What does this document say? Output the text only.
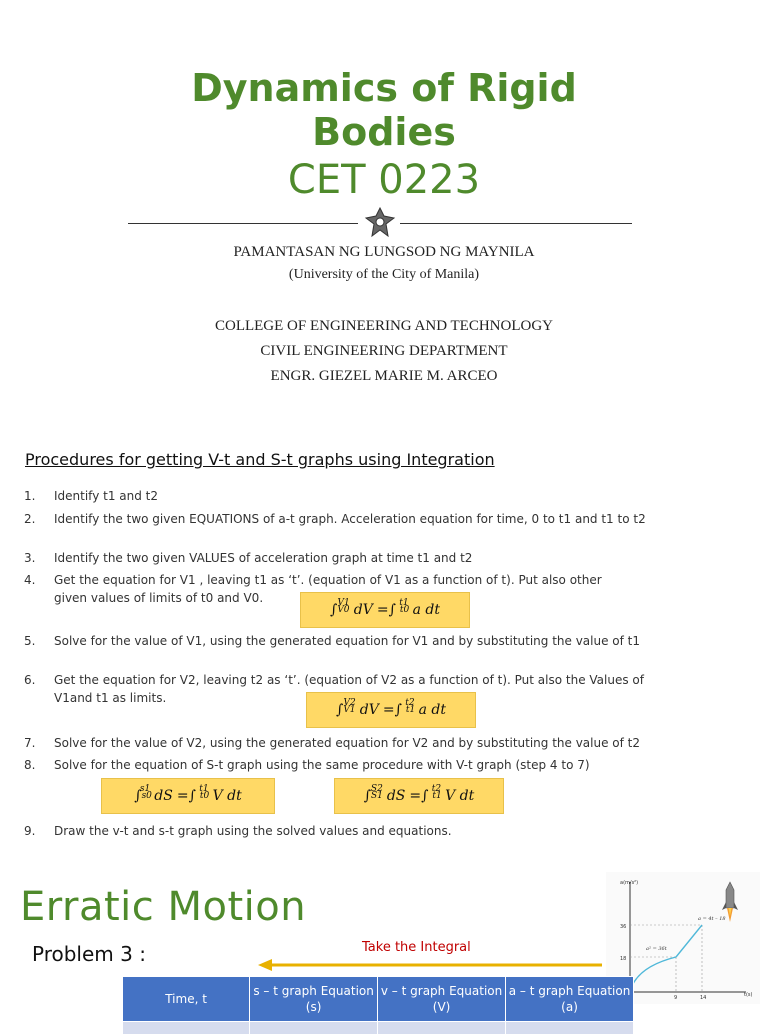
Dynamics of Rigid
Bodies
CET 0223
PAMANTASAN NG LUNGSOD NG MAYNILA
(University of the City of Manila)
COLLEGE OF ENGINEERING AND TECHNOLOGY
CIVIL ENGINEERING DEPARTMENT
ENGR. GIEZEL MARIE M. ARCEO
Procedures for getting V-t and S-t graphs using Integration
1.	Identify t1 and t2
2.	Identify the two given EQUATIONS of a-t graph. Acceleration equation for time, 0 to t1 and t1 to t2
3.	Identify the two given VALUES of acceleration graph at time t1 and t2
4.	Get the equation for V1 , leaving t1 as ‘t’. (equation of V1 as a function of t). Put also other given values of limits of t0 and V0.
∫ V0
V1 dV =∫ t0
t1 a dt
5.	Solve for the value of V1, using the generated equation for V1 and by substituting the value of t1
6.	Get the equation for V2, leaving t2 as ‘t’. (equation of V2 as a function of t). Put also the Values of V1and t1 as limits.
∫ V1
V2 dV =∫ t1
t2 a dt
7.	Solve for the value of V2, using the generated equation for V2 and by substituting the value of t2
8.	Solve for the equation of S-t graph using the same procedure with V-t graph (step 4 to 7)
∫ s0
s1 dS =∫ t0
t1 V dt	∫ S1
S2 dS =∫ t1
t2 V dt
9.	Draw the v-t and s-t graph using the solved values and equations.
Erratic Motion
Problem 3 :	Take the Integral
a(m/s²)
t(s)
36
18
9	14
a² = 36t
a = 4t – 18
Time, t	s – t graph Equation (s)	v – t graph Equation (V)	a – t graph Equation (a)
